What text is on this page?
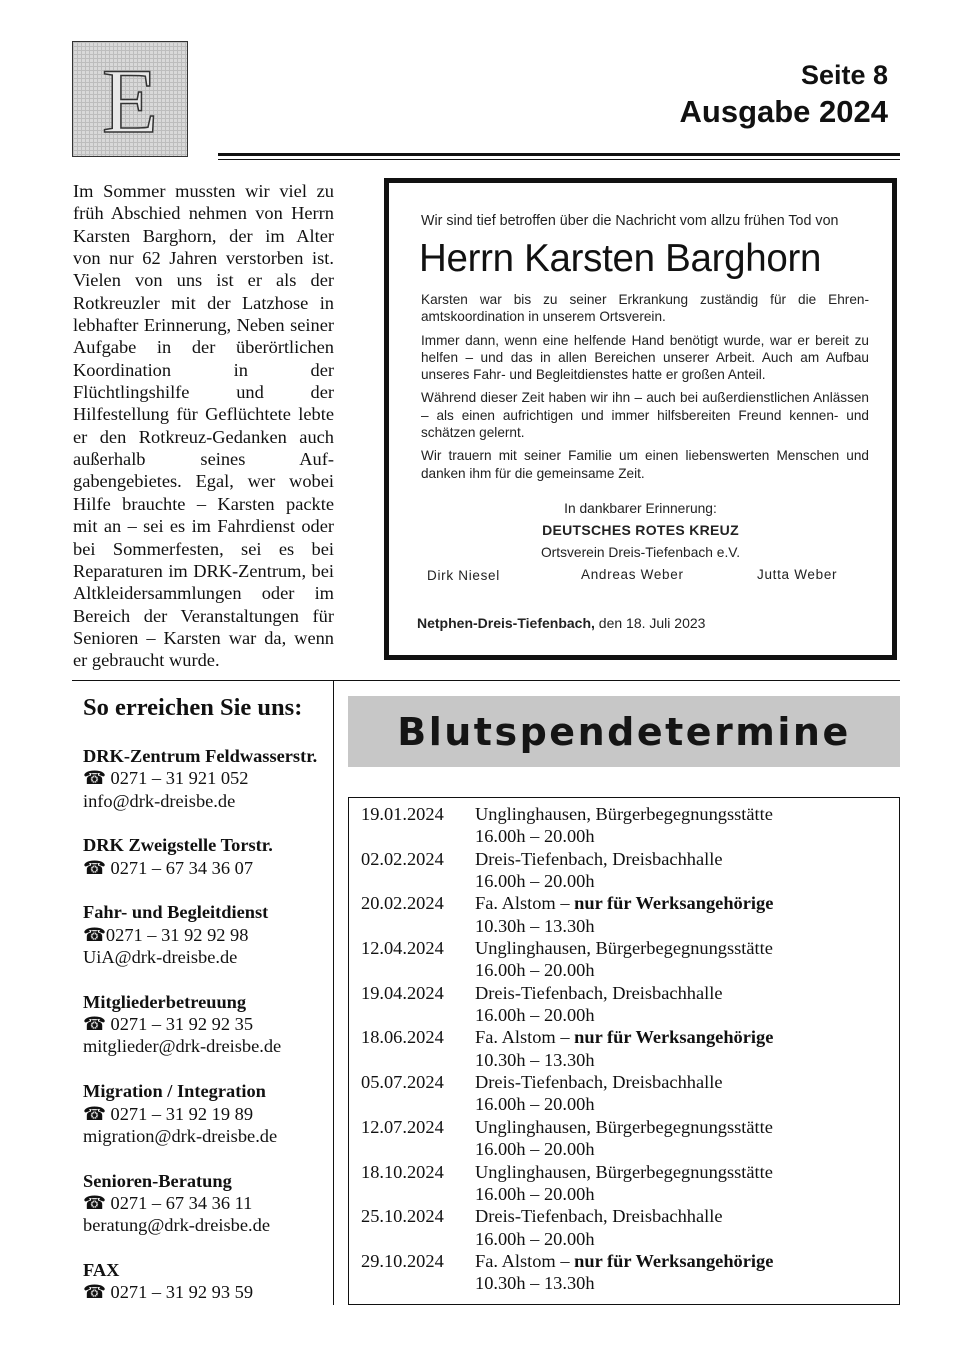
E	Seite 8
Ausgabe 2024
Im Sommer mussten wir viel zu früh Abschied nehmen von Herrn Karsten Barghorn, der im Alter von nur 62 Jahren verstorben ist. Vielen von uns ist er als der Rotkreuzler mit der Latzhose in lebhafter Erinnerung, Neben seiner Aufgabe in der überörtlichen Koordination in der Flüchtlingshilfe und der Hilfestellung für Geflüchtete lebte er den Rotkreuz-Gedanken auch außerhalb seines Aufgabengebietes. Egal, wer wobei Hilfe brauchte – Karsten packte mit an – sei es im Fahrdienst oder bei Sommerfesten, sei es bei Reparaturen im DRK-Zentrum, bei Altkleidersammlungen oder im Bereich der Veranstaltungen für Senioren – Karsten war da, wenn er gebraucht wurde.
Wir sind tief betroffen über die Nachricht vom allzu frühen Tod von
Herrn Karsten Barghorn

Karsten war bis zu seiner Erkrankung zuständig für die Ehrenamtskoordination in unserem Ortsverein.

Immer dann, wenn eine helfende Hand benötigt wurde, war er bereit zu helfen – und das in allen Bereichen unserer Arbeit. Auch am Aufbau unseres Fahr- und Begleitdienstes hatte er großen Anteil.

Während dieser Zeit haben wir ihn – auch bei außerdienstlichen Anlässen – als einen aufrichtigen und immer hilfsbereiten Freund kennen- und schätzen gelernt.

Wir trauern mit seiner Familie um einen liebenswerten Menschen und danken ihm für die gemeinsame Zeit.

In dankbarer Erinnerung:
DEUTSCHES ROTES KREUZ
Ortsverein Dreis-Tiefenbach e.V.
Dirk Niesel	Andreas Weber	Jutta Weber
Netphen-Dreis-Tiefenbach, den 18. Juli 2023
So erreichen Sie uns:
DRK-Zentrum Feldwasserstr.
☎ 0271 – 31 921 052
info@drk-dreisbe.de
DRK Zweigstelle Torstr.
☎ 0271 – 67 34 36 07
Fahr- und Begleitdienst
☎0271 – 31 92 92 98
UiA@drk-dreisbe.de
Mitgliederbetreuung
☎ 0271 – 31 92 92 35
mitglieder@drk-dreisbe.de
Migration / Integration
☎ 0271 – 31 92 19 89
migration@drk-dreisbe.de
Senioren-Beratung
☎ 0271 – 67 34 36 11
beratung@drk-dreisbe.de
FAX
☎ 0271 – 31 92 93 59
Blutspendetermine
19.01.2024	Unglinghausen, Bürgerbegegnungsstätte
16.00h – 20.00h
02.02.2024	Dreis-Tiefenbach, Dreisbachhalle
16.00h – 20.00h
20.02.2024	Fa. Alstom – nur für Werksangehörige
10.30h – 13.30h
12.04.2024	Unglinghausen, Bürgerbegegnungsstätte
16.00h – 20.00h
19.04.2024	Dreis-Tiefenbach, Dreisbachhalle
16.00h – 20.00h
18.06.2024	Fa. Alstom – nur für Werksangehörige
10.30h – 13.30h
05.07.2024	Dreis-Tiefenbach, Dreisbachhalle
16.00h – 20.00h
12.07.2024	Unglinghausen, Bürgerbegegnungsstätte
16.00h – 20.00h
18.10.2024	Unglinghausen, Bürgerbegegnungsstätte
16.00h – 20.00h
25.10.2024	Dreis-Tiefenbach, Dreisbachhalle
16.00h – 20.00h
29.10.2024	Fa. Alstom – nur für Werksangehörige
10.30h – 13.30h
